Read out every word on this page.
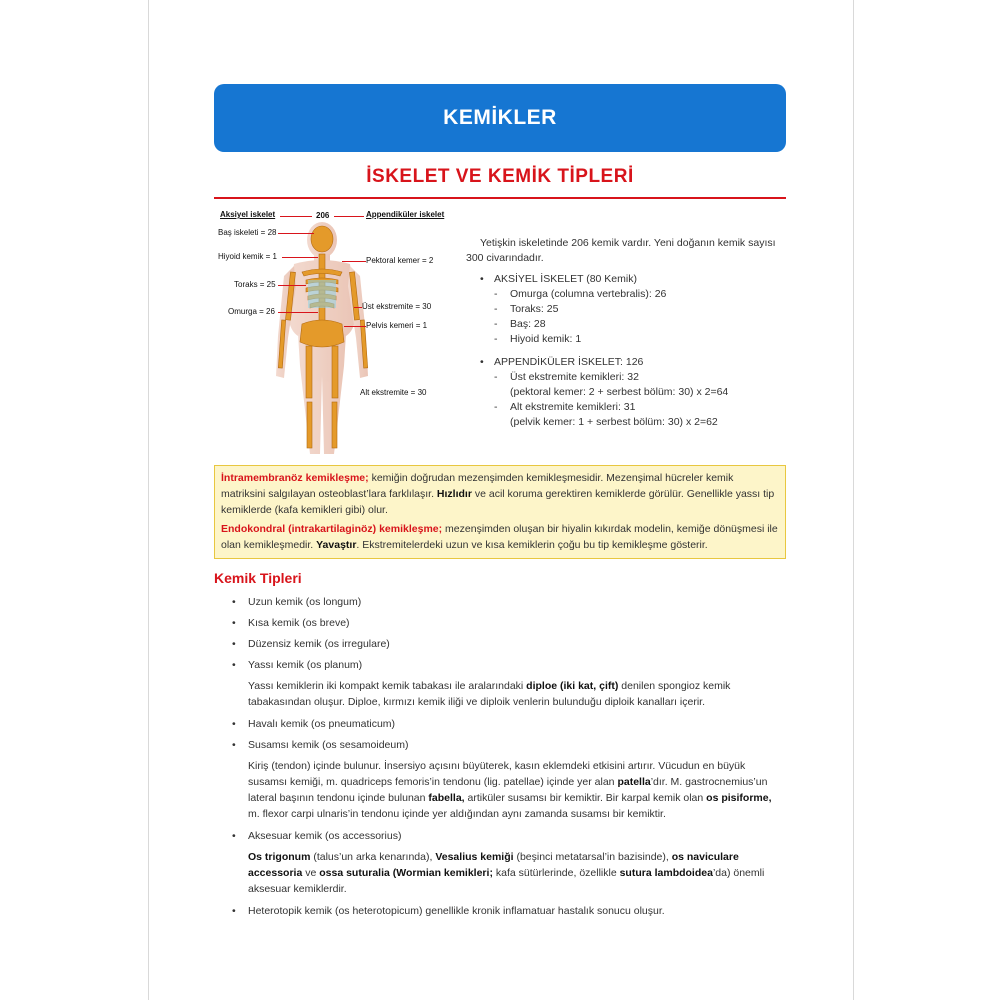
KEMİKLER
İSKELET VE KEMİK TİPLERİ
Aksiyel iskelet	206	Appendiküler iskelet
Baş iskeleti = 28
Hiyoid kemik = 1	Pektoral kemer = 2
Toraks = 25
Üst ekstremite = 30
Omurga = 26
Pelvis kemeri = 1
Alt ekstremite = 30

Yetişkin iskeletinde 206 kemik vardır. Yeni doğanın kemik sayısı 300 civarındadır.

• AKSİYEL İSKELET (80 Kemik)
- Omurga (columna vertebralis): 26
- Toraks: 25
- Baş: 28
- Hiyoid kemik: 1
• APPENDİKÜLER İSKELET: 126
- Üst ekstremite kemikleri: 32
(pektoral kemer: 2 + serbest bölüm: 30) x 2=64
- Alt ekstremite kemikleri: 31
(pelvik kemer: 1 + serbest bölüm: 30) x 2=62

İntramembranöz kemikleşme; kemiğin doğrudan mezenşimden kemikleşmesidir. Mezenşimal hücreler kemik matriksini salgılayan osteoblast’lara farklılaşır. Hızlıdır ve acil koruma gerektiren kemiklerde görülür. Genellikle yassı tip kemiklerde (kafa kemikleri gibi) olur.

Endokondral (intrakartilaginöz) kemikleşme; mezenşimden oluşan bir hiyalin kıkırdak modelin, kemiğe dönüşmesi ile olan kemikleşmedir. Yavaştır. Ekstremitelerdeki uzun ve kısa kemiklerin çoğu bu tip kemikleşme gösterir.

Kemik Tipleri
• Uzun kemik (os longum)
• Kısa kemik (os breve)
• Düzensiz kemik (os irregulare)
• Yassı kemik (os planum)
Yassı kemiklerin iki kompakt kemik tabakası ile aralarındaki diploe (iki kat, çift) denilen spongioz kemik tabakasından oluşur. Diploe, kırmızı kemik iliği ve diploik venlerin bulunduğu diploik kanalları içerir.
• Havalı kemik (os pneumaticum)
• Susamsı kemik (os sesamoideum)
Kiriş (tendon) içinde bulunur. İnsersiyo açısını büyüterek, kasın eklemdeki etkisini artırır. Vücudun en büyük susamsı kemiği, m. quadriceps femoris’in tendonu (lig. patellae) içinde yer alan patella’dır. M. gastrocnemius’un lateral başının tendonu içinde bulunan fabella, artiküler susamsı bir kemiktir. Bir karpal kemik olan os pisiforme, m. flexor carpi ulnaris’in tendonu içinde yer aldığından aynı zamanda susamsı bir kemiktir.
• Aksesuar kemik (os accessorius)
Os trigonum (talus’un arka kenarında), Vesalius kemiği (beşinci metatarsal’in bazisinde), os naviculare accessoria ve ossa suturalia (Wormian kemikleri; kafa sütürlerinde, özellikle sutura lambdoidea’da) önemli aksesuar kemiklerdir.
• Heterotopik kemik (os heterotopicum) genellikle kronik inflamatuar hastalık sonucu oluşur.
